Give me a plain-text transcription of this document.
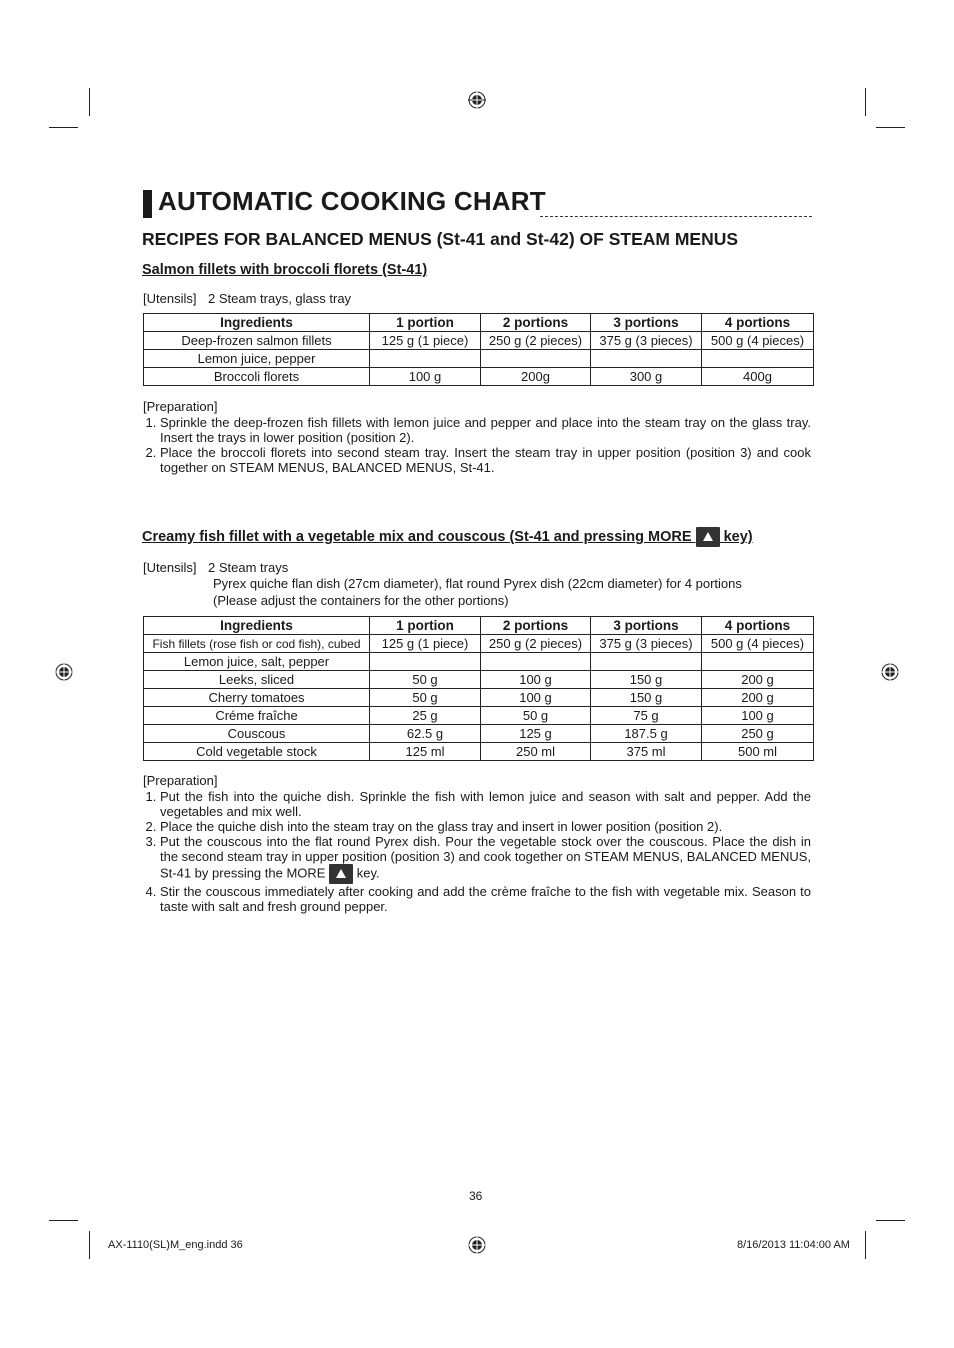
AUTOMATIC COOKING CHART
RECIPES FOR BALANCED MENUS (St-41 and St-42) OF STEAM MENUS
Salmon fillets with broccoli florets (St-41)
[Utensils] 2 Steam trays, glass tray
Ingredients	1 portion	2 portions	3 portions	4 portions
Deep-frozen salmon fillets	125 g (1 piece)	250 g (2 pieces)	375 g (3 pieces)	500 g (4 pieces)
Lemon juice, pepper				
Broccoli florets	100 g	200g	300 g	400g
[Preparation]
1. Sprinkle the deep-frozen fish fillets with lemon juice and pepper and place into the steam tray on the glass tray. Insert the trays in lower position (position 2).
2. Place the broccoli florets into second steam tray. Insert the steam tray in upper position (position 3) and cook together on STEAM MENUS, BALANCED MENUS, St-41.
Creamy fish fillet with a vegetable mix and couscous (St-41 and pressing MORE key)
[Utensils] 2 Steam trays
Pyrex quiche flan dish (27cm diameter), flat round Pyrex dish (22cm diameter) for 4 portions
(Please adjust the containers for the other portions)
Ingredients	1 portion	2 portions	3 portions	4 portions
Fish fillets (rose fish or cod fish), cubed	125 g (1 piece)	250 g (2 pieces)	375 g (3 pieces)	500 g (4 pieces)
Lemon juice, salt, pepper				
Leeks, sliced	50 g	100 g	150 g	200 g
Cherry tomatoes	50 g	100 g	150 g	200 g
Créme fraîche	25 g	50 g	75 g	100 g
Couscous	62.5 g	125 g	187.5 g	250 g
Cold vegetable stock	125 ml	250 ml	375 ml	500 ml
[Preparation]
1. Put the fish into the quiche dish. Sprinkle the fish with lemon juice and season with salt and pepper. Add the vegetables and mix well.
2. Place the quiche dish into the steam tray on the glass tray and insert in lower position (position 2).
3. Put the couscous into the flat round Pyrex dish. Pour the vegetable stock over the couscous. Place the dish in the second steam tray in upper position (position 3) and cook together on STEAM MENUS, BALANCED MENUS, St-41 by pressing the MORE key.
4. Stir the couscous immediately after cooking and add the crème fraîche to the fish with vegetable mix. Season to taste with salt and fresh ground pepper.
36
AX-1110(SL)M_eng.indd 36	8/16/2013 11:04:00 AM
